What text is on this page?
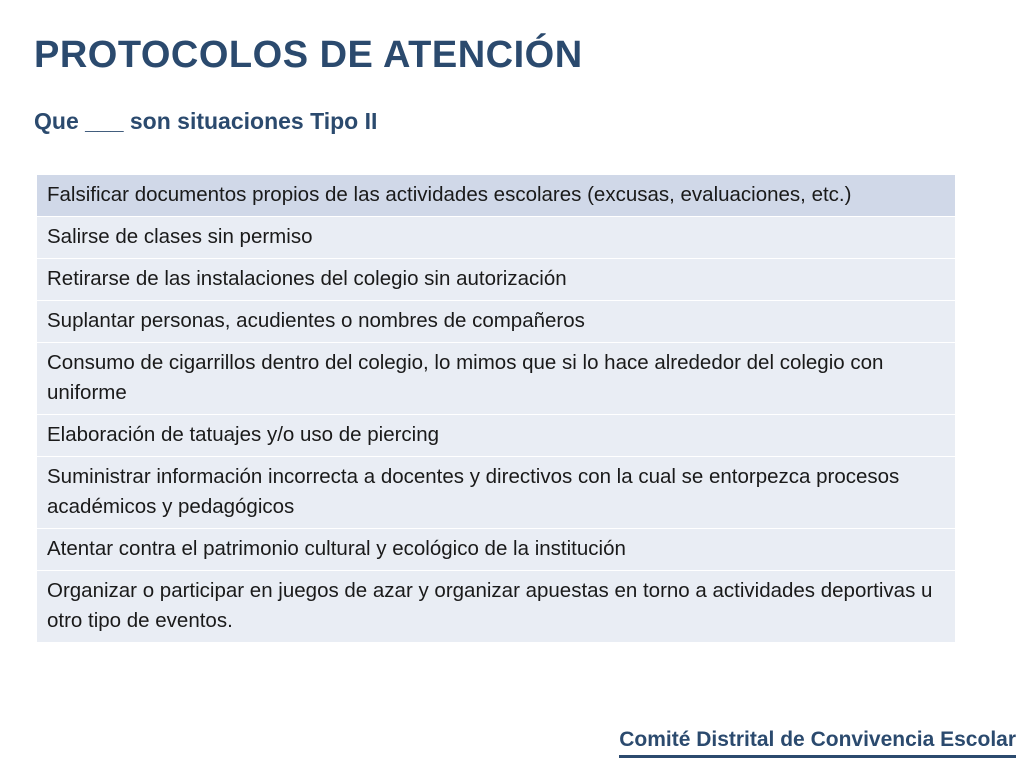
PROTOCOLOS DE ATENCIÓN
Que ___ son situaciones Tipo II
Falsificar documentos propios de las actividades escolares (excusas, evaluaciones, etc.)
Salirse de clases sin permiso
Retirarse de las instalaciones del colegio sin autorización
Suplantar personas, acudientes o nombres de compañeros
Consumo de cigarrillos dentro del colegio, lo mimos que si lo hace alrededor del colegio con uniforme
Elaboración de tatuajes y/o uso de piercing
Suministrar información incorrecta a docentes y directivos con la cual se entorpezca procesos académicos y pedagógicos
Atentar contra el patrimonio cultural y ecológico de la institución
Organizar o participar en juegos de azar y organizar apuestas en torno a actividades deportivas u otro tipo de eventos.
Comité Distrital de Convivencia Escolar
